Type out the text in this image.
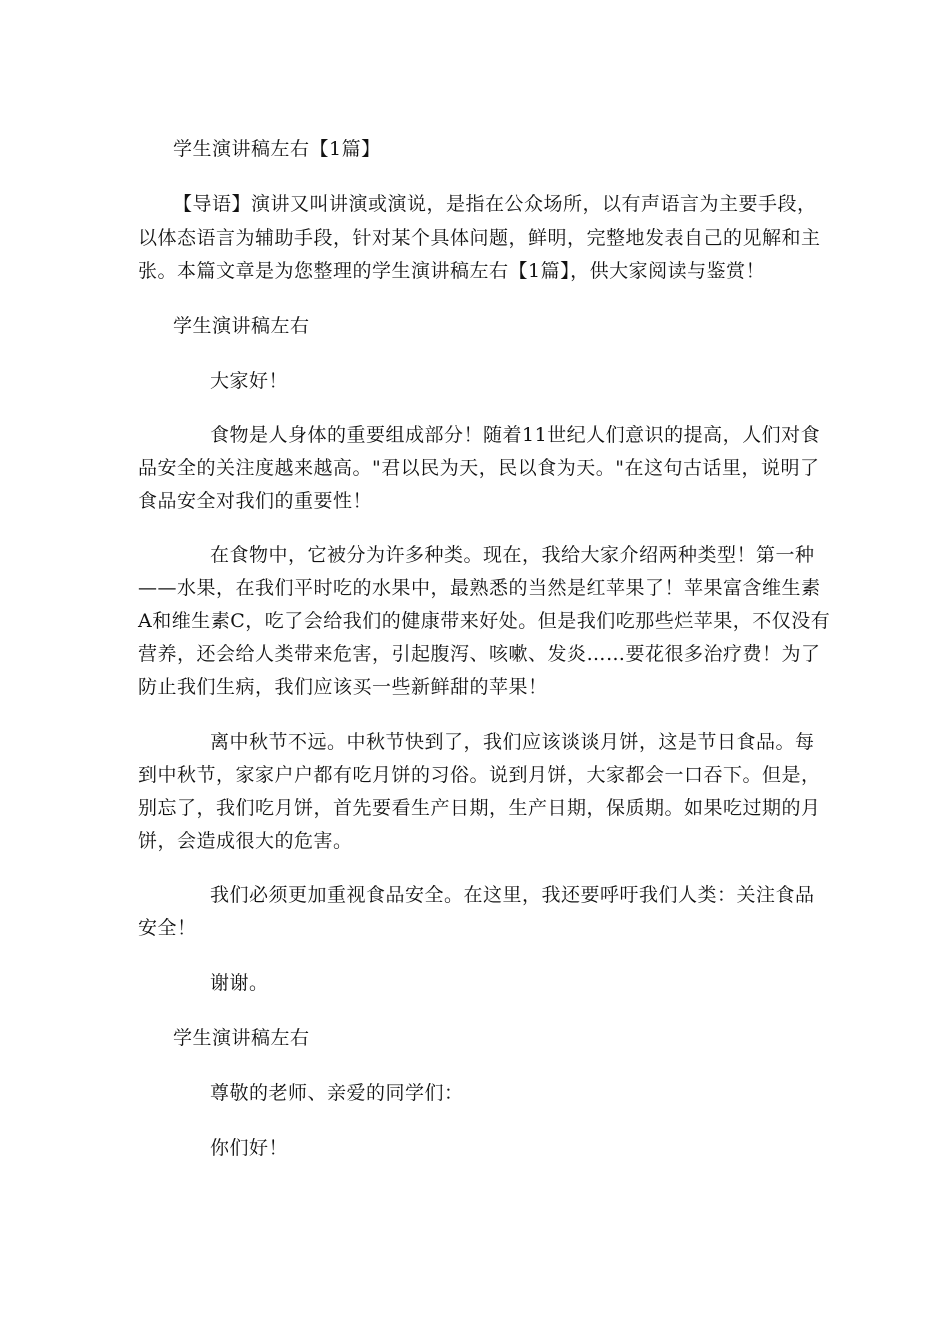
学生演讲稿左右【1篇】
【导语】演讲又叫讲演或演说，是指在公众场所，以有声语言为主要手段，
以体态语言为辅助手段，针对某个具体问题，鲜明，完整地发表自己的见解和主
张。本篇文章是为您整理的学生演讲稿左右【1篇】，供大家阅读与鉴赏！
学生演讲稿左右
大家好！
食物是人身体的重要组成部分！随着11世纪人们意识的提高，人们对食
品安全的关注度越来越高。"君以民为天，民以食为天。"在这句古话里，说明了
食品安全对我们的重要性！
在食物中，它被分为许多种类。现在，我给大家介绍两种类型！第一种
——水果，在我们平时吃的水果中，最熟悉的当然是红苹果了！苹果富含维生素
A和维生素C，吃了会给我们的健康带来好处。但是我们吃那些烂苹果，不仅没有
营养，还会给人类带来危害，引起腹泻、咳嗽、发炎……要花很多治疗费！为了
防止我们生病，我们应该买一些新鲜甜的苹果！
离中秋节不远。中秋节快到了，我们应该谈谈月饼，这是节日食品。每
到中秋节，家家户户都有吃月饼的习俗。说到月饼，大家都会一口吞下。但是，
别忘了，我们吃月饼，首先要看生产日期，生产日期，保质期。如果吃过期的月
饼，会造成很大的危害。
我们必须更加重视食品安全。在这里，我还要呼吁我们人类：关注食品
安全！
谢谢。
学生演讲稿左右
尊敬的老师、亲爱的同学们：
你们好！
